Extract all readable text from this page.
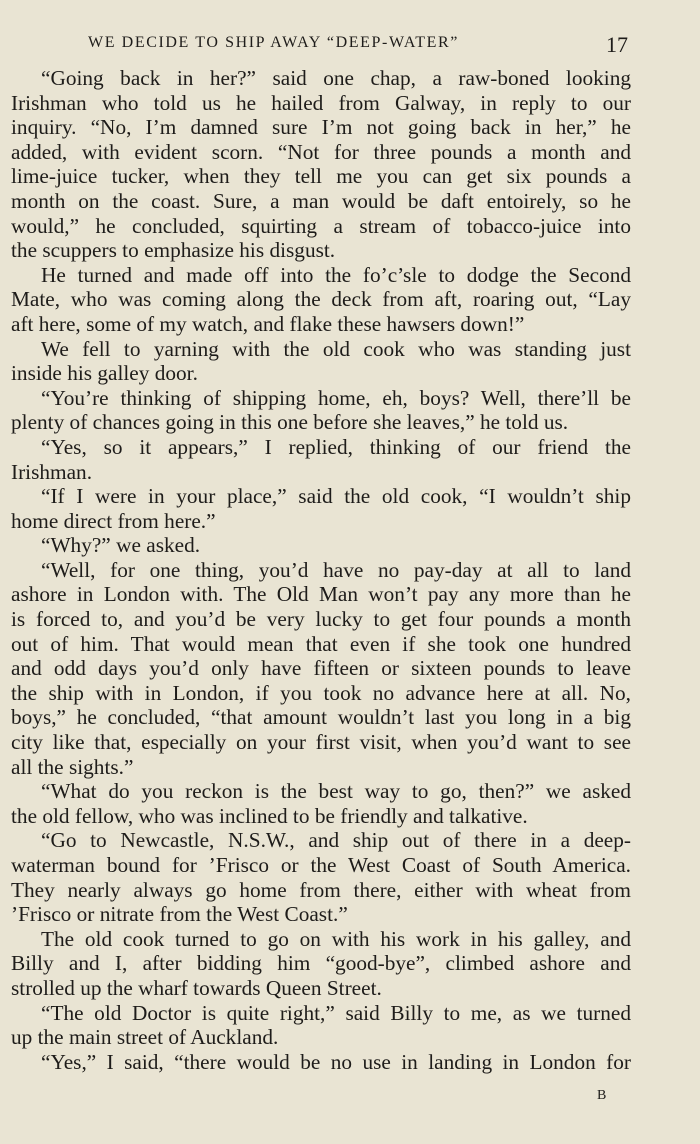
WE DECIDE TO SHIP AWAY “DEEP-WATER”	17
“Going back in her?” said one chap, a raw-boned looking
Irishman who told us he hailed from Galway, in reply to our
inquiry. “No, I’m damned sure I’m not going back in her,” he
added, with evident scorn. “Not for three pounds a month and
lime-juice tucker, when they tell me you can get six pounds a
month on the coast. Sure, a man would be daft entoirely, so he
would,” he concluded, squirting a stream of tobacco-juice into
the scuppers to emphasize his disgust.
He turned and made off into the fo’c’sle to dodge the Second
Mate, who was coming along the deck from aft, roaring out, “Lay
aft here, some of my watch, and flake these hawsers down!”
We fell to yarning with the old cook who was standing just
inside his galley door.
“You’re thinking of shipping home, eh, boys? Well, there’ll be
plenty of chances going in this one before she leaves,” he told us.
“Yes, so it appears,” I replied, thinking of our friend the
Irishman.
“If I were in your place,” said the old cook, “I wouldn’t ship
home direct from here.”
“Why?” we asked.
“Well, for one thing, you’d have no pay-day at all to land
ashore in London with. The Old Man won’t pay any more than he
is forced to, and you’d be very lucky to get four pounds a month
out of him. That would mean that even if she took one hundred
and odd days you’d only have fifteen or sixteen pounds to leave
the ship with in London, if you took no advance here at all. No,
boys,” he concluded, “that amount wouldn’t last you long in a big
city like that, especially on your first visit, when you’d want to see
all the sights.”
“What do you reckon is the best way to go, then?” we asked
the old fellow, who was inclined to be friendly and talkative.
“Go to Newcastle, N.S.W., and ship out of there in a deep-
waterman bound for ’Frisco or the West Coast of South America.
They nearly always go home from there, either with wheat from
’Frisco or nitrate from the West Coast.”
The old cook turned to go on with his work in his galley, and
Billy and I, after bidding him “good-bye”, climbed ashore and
strolled up the wharf towards Queen Street.
“The old Doctor is quite right,” said Billy to me, as we turned
up the main street of Auckland.
“Yes,” I said, “there would be no use in landing in London for
B
